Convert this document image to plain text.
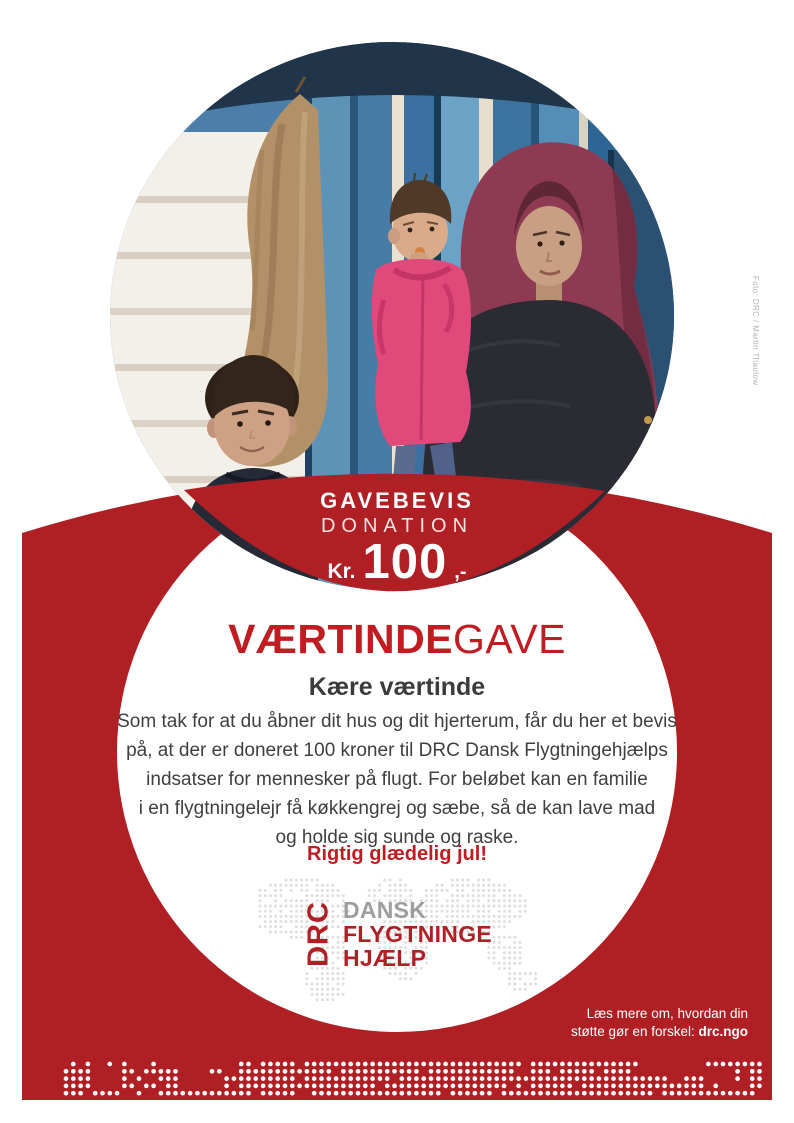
GAVEBEVIS
DONATION
Kr. 100 ,-
VÆRTINDEGAVE
Kære værtinde
Som tak for at du åbner dit hus og dit hjerterum, får du her et bevis
på, at der er doneret 100 kroner til DRC Dansk Flygtningehjælps
indsatser for mennesker på flugt. For beløbet kan en familie
i en flygtningelejr få køkkengrej og sæbe, så de kan lave mad
og holde sig sunde og raske.
Rigtig glædelig jul!
DRC DANSK
FLYGTNINGE
HJÆLP
Læs mere om, hvordan din
støtte gør en forskel: drc.ngo
Foto: DRC / Martin Thaulow
